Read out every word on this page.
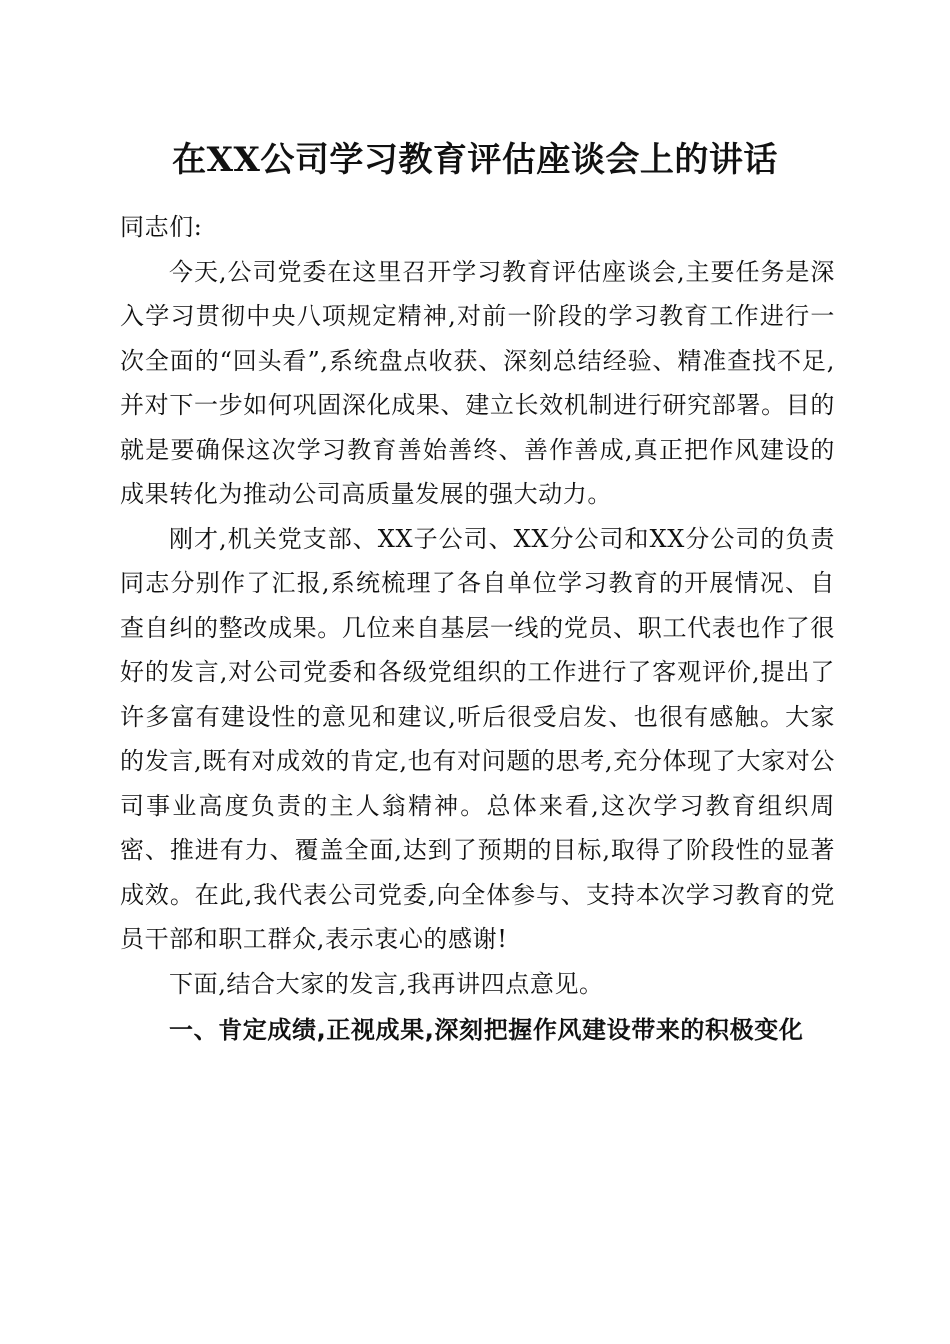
在XX公司学习教育评估座谈会上的讲话

同志们:

今天,公司党委在这里召开学习教育评估座谈会,主要任务是深入学习贯彻中央八项规定精神,对前一阶段的学习教育工作进行一次全面的“回头看”,系统盘点收获、深刻总结经验、精准查找不足,并对下一步如何巩固深化成果、建立长效机制进行研究部署。目的就是要确保这次学习教育善始善终、善作善成,真正把作风建设的成果转化为推动公司高质量发展的强大动力。

刚才,机关党支部、XX子公司、XX分公司和XX分公司的负责同志分别作了汇报,系统梳理了各自单位学习教育的开展情况、自查自纠的整改成果。几位来自基层一线的党员、职工代表也作了很好的发言,对公司党委和各级党组织的工作进行了客观评价,提出了许多富有建设性的意见和建议,听后很受启发、也很有感触。大家的发言,既有对成效的肯定,也有对问题的思考,充分体现了大家对公司事业高度负责的主人翁精神。总体来看,这次学习教育组织周密、推进有力、覆盖全面,达到了预期的目标,取得了阶段性的显著成效。在此,我代表公司党委,向全体参与、支持本次学习教育的党员干部和职工群众,表示衷心的感谢!

下面,结合大家的发言,我再讲四点意见。

一、肯定成绩,正视成果,深刻把握作风建设带来的积极变化
